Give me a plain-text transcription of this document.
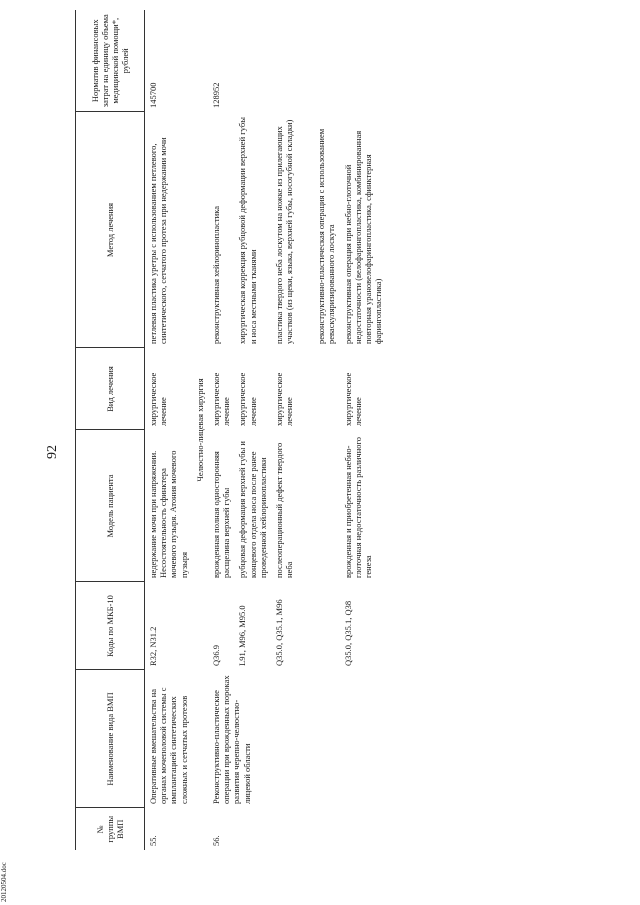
20120504.doc
92
№ группы ВМП	Наименование вида ВМП	Коды по МКБ-10	Модель пациента	Вид лечения	Метод лечения	Норматив финансовых затрат на единицу объема медицинской помощи*, рублей
55.	Оперативные вмешательства на органах мочеполовой системы с имплантацией синтетических сложных и сетчатых протезов	R32, N31.2	недержание мочи при напряжении. Несостоятельность сфинктера мочевого пузыря. Атония мочевого пузыря	хирургическое лечение	петлевая пластика уретры с использованием петлевого, синтетического, сетчатого протеза при недержании мочи	145700
Челюстно-лицевая хирургия						
56.	Реконструктивно-пластические операции при врожденных пороках развития черепно-челюстно-лицевой области	Q36.9	врожденная полная односторонняя расщелина верхней губы	хирургическое лечение	реконструктивная хейлоринопластика	128952
		L91, M96, M95.0	рубцовая деформация верхней губы и концевого отдела носа после ранее проведенной хейлоринопластики	хирургическое лечение	хирургическая коррекция рубцовой деформации верхней губы и носа местными тканями	
		Q35.0, Q35.1, M96	послеоперационный дефект твердого неба	хирургическое лечение	пластика твердого неба лоскутом на ножке из прилегающих участков (из щеки, языка, верхней губы, носогубной складки) реконструктивно-пластическая операция с использованием реваскуляризированного лоскута	
		Q35.0, Q35.1, Q38	врожденная и приобретенная небно-глоточная недостаточность различного генеза	хирургическое лечение	реконструктивная операция при небно-глоточной недостаточности (велофарингопластика, комбинированная повторная урановелофарингопластика, сфинктерная фарингопластика)	
